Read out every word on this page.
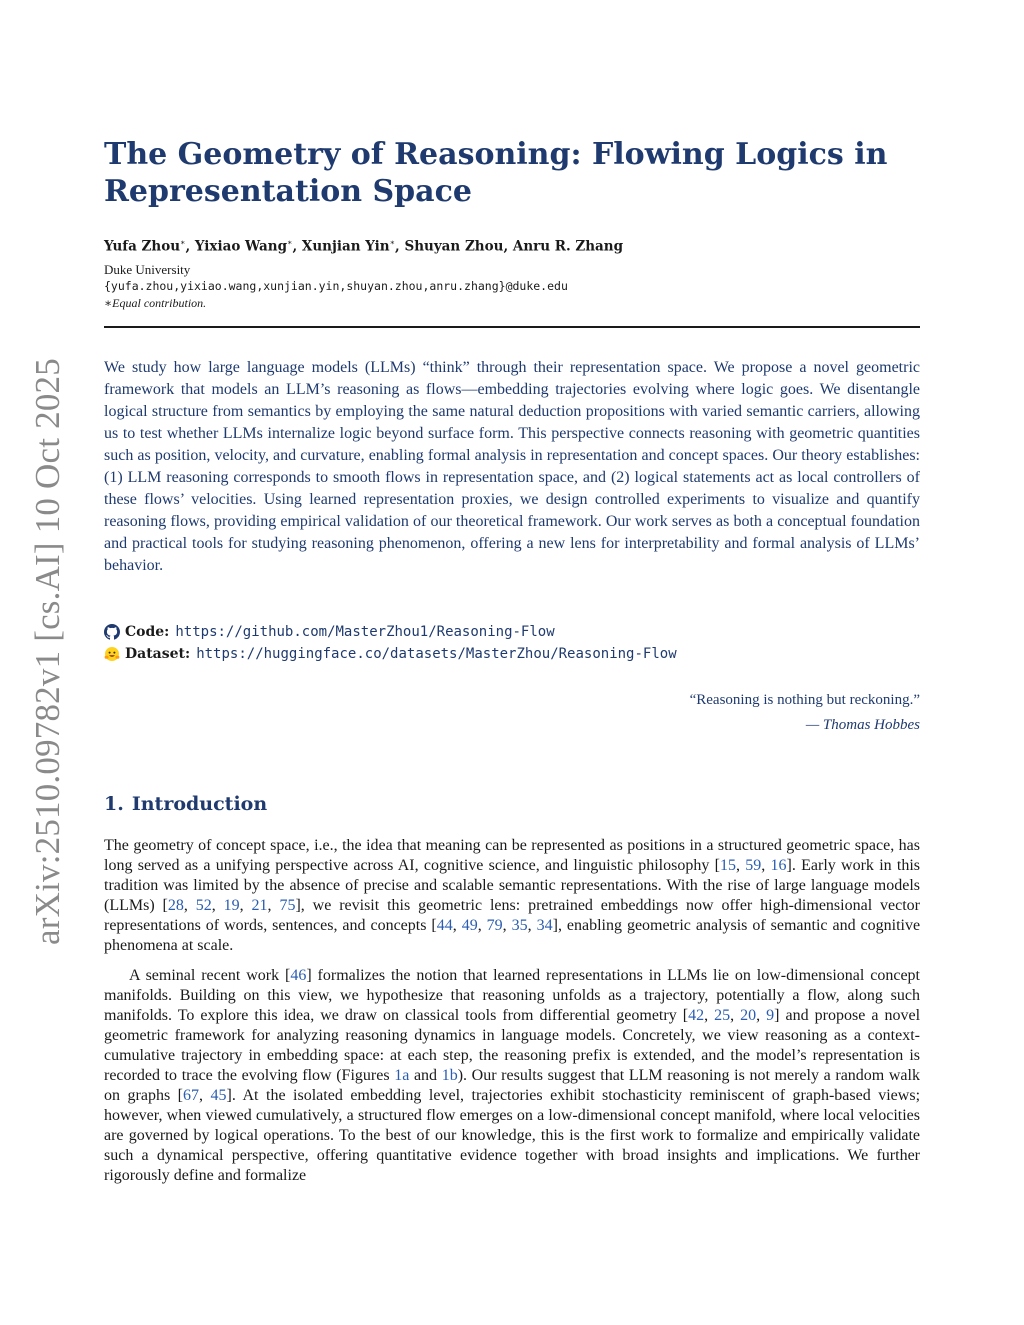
arXiv:2510.09782v1 [cs.AI] 10 Oct 2025
The Geometry of Reasoning: Flowing Logics in Representation Space
Yufa Zhou∗, Yixiao Wang∗, Xunjian Yin∗, Shuyan Zhou, Anru R. Zhang
Duke University
{yufa.zhou,yixiao.wang,xunjian.yin,shuyan.zhou,anru.zhang}@duke.edu
∗Equal contribution.

We study how large language models (LLMs) “think” through their representation space. We propose a novel geometric framework that models an LLM’s reasoning as flows—embedding trajectories evolving where logic goes. We disentangle logical structure from semantics by employing the same natural deduction propositions with varied semantic carriers, allowing us to test whether LLMs internalize logic beyond surface form. This perspective connects reasoning with geometric quantities such as position, velocity, and curvature, enabling formal analysis in representation and concept spaces. Our theory establishes: (1) LLM reasoning corresponds to smooth flows in representation space, and (2) logical statements act as local controllers of these flows’ velocities. Using learned representation proxies, we design controlled experiments to visualize and quantify reasoning flows, providing empirical validation of our theoretical framework. Our work serves as both a conceptual foundation and practical tools for studying reasoning phenomenon, offering a new lens for interpretability and formal analysis of LLMs’ behavior.

Code: https://github.com/MasterZhou1/Reasoning-Flow
Dataset: https://huggingface.co/datasets/MasterZhou/Reasoning-Flow
“Reasoning is nothing but reckoning.”
— Thomas Hobbes
1. Introduction

The geometry of concept space, i.e., the idea that meaning can be represented as positions in a structured geometric space, has long served as a unifying perspective across AI, cognitive science, and linguistic philosophy [15, 59, 16]. Early work in this tradition was limited by the absence of precise and scalable semantic representations. With the rise of large language models (LLMs) [28, 52, 19, 21, 75], we revisit this geometric lens: pretrained embeddings now offer high-dimensional vector representations of words, sentences, and concepts [44, 49, 79, 35, 34], enabling geometric analysis of semantic and cognitive phenomena at scale.

A seminal recent work [46] formalizes the notion that learned representations in LLMs lie on low-dimensional concept manifolds. Building on this view, we hypothesize that reasoning unfolds as a trajectory, potentially a flow, along such manifolds. To explore this idea, we draw on classical tools from differential geometry [42, 25, 20, 9] and propose a novel geometric framework for analyzing reasoning dynamics in language models. Concretely, we view reasoning as a context-cumulative trajectory in embedding space: at each step, the reasoning prefix is extended, and the model’s representation is recorded to trace the evolving flow (Figures 1a and 1b). Our results suggest that LLM reasoning is not merely a random walk on graphs [67, 45]. At the isolated embedding level, trajectories exhibit stochasticity reminiscent of graph-based views; however, when viewed cumulatively, a structured flow emerges on a low-dimensional concept manifold, where local velocities are governed by logical operations. To the best of our knowledge, this is the first work to formalize and empirically validate such a dynamical perspective, offering quantitative evidence together with broad insights and implications. We further rigorously define and formalize
